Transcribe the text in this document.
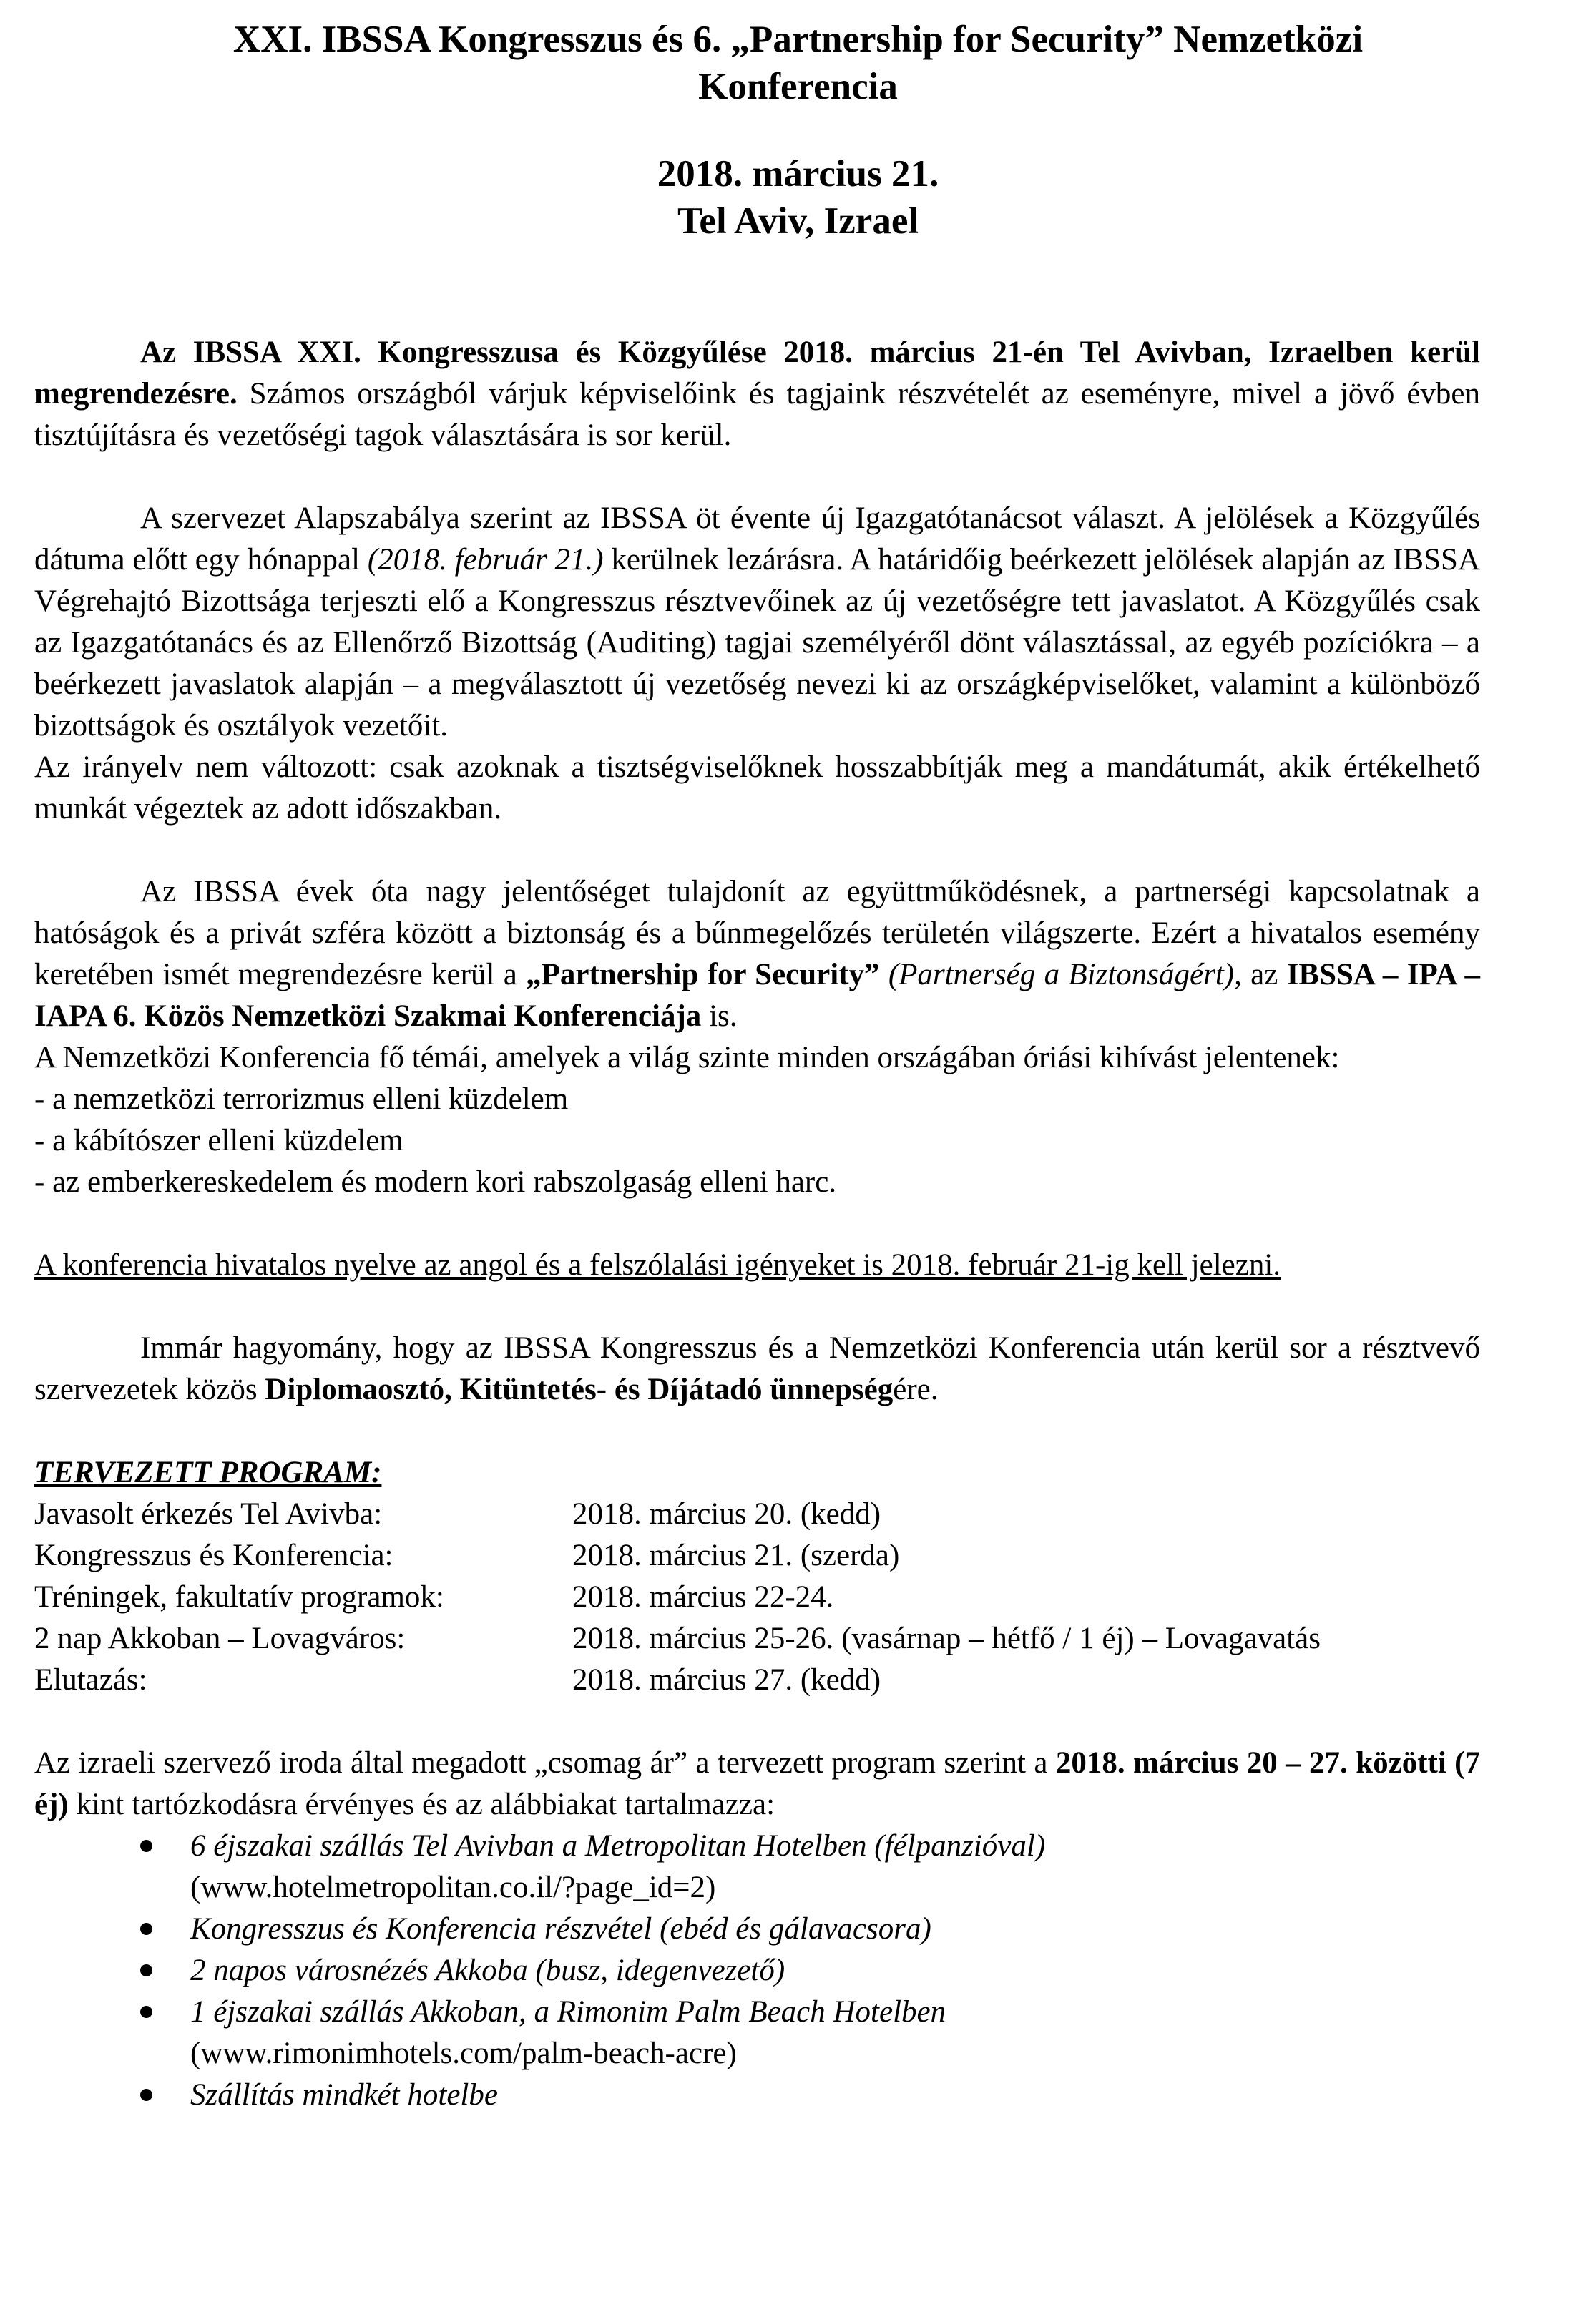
XXI. IBSSA Kongresszus és 6. „Partnership for Security” Nemzetközi
Konferencia
2018. március 21.
Tel Aviv, Izrael

Az IBSSA XXI. Kongresszusa és Közgyűlése 2018. március 21-én Tel Avivban, Izraelben kerül megrendezésre. Számos országból várjuk képviselőink és tagjaink részvételét az eseményre, mivel a jövő évben tisztújításra és vezetőségi tagok választására is sor kerül.

A szervezet Alapszabálya szerint az IBSSA öt évente új Igazgatótanácsot választ. A jelölések a Közgyűlés dátuma előtt egy hónappal (2018. február 21.) kerülnek lezárásra. A határidőig beérkezett jelölések alapján az IBSSA Végrehajtó Bizottsága terjeszti elő a Kongresszus résztvevőinek az új vezetőségre tett javaslatot. A Közgyűlés csak az Igazgatótanács és az Ellenőrző Bizottság (Auditing) tagjai személyéről dönt választással, az egyéb pozíciókra – a beérkezett javaslatok alapján – a megválasztott új vezetőség nevezi ki az országképviselőket, valamint a különböző bizottságok és osztályok vezetőit.

Az irányelv nem változott: csak azoknak a tisztségviselőknek hosszabbítják meg a mandátumát, akik értékelhető munkát végeztek az adott időszakban.

Az IBSSA évek óta nagy jelentőséget tulajdonít az együttműködésnek, a partnerségi kapcsolatnak a hatóságok és a privát szféra között a biztonság és a bűnmegelőzés területén világszerte. Ezért a hivatalos esemény keretében ismét megrendezésre kerül a „Partnership for Security” (Partnerség a Biztonságért), az IBSSA – IPA – IAPA 6. Közös Nemzetközi Szakmai Konferenciája is.

A Nemzetközi Konferencia fő témái, amelyek a világ szinte minden országában óriási kihívást jelentenek:

- a nemzetközi terrorizmus elleni küzdelem
- a kábítószer elleni küzdelem
- az emberkereskedelem és modern kori rabszolgaság elleni harc.

A konferencia hivatalos nyelve az angol és a felszólalási igényeket is 2018. február 21-ig kell jelezni.

Immár hagyomány, hogy az IBSSA Kongresszus és a Nemzetközi Konferencia után kerül sor a résztvevő szervezetek közös Diplomaosztó, Kitüntetés- és Díjátadó ünnepségére.

TERVEZETT PROGRAM:
Javasolt érkezés Tel Avivba:	2018. március 20. (kedd)
Kongresszus és Konferencia:	2018. március 21. (szerda)
Tréningek, fakultatív programok:	2018. március 22-24.
2 nap Akkoban – Lovagváros:	2018. március 25-26. (vasárnap – hétfő / 1 éj) – Lovagavatás
Elutazás:	2018. március 27. (kedd)

Az izraeli szervező iroda által megadott „csomag ár” a tervezett program szerint a 2018. március 20 – 27. közötti (7 éj) kint tartózkodásra érvényes és az alábbiakat tartalmazza:

6 éjszakai szállás Tel Avivban a Metropolitan Hotelben (félpanzióval)
(www.hotelmetropolitan.co.il/?page_id=2)
Kongresszus és Konferencia részvétel (ebéd és gálavacsora)
2 napos városnézés Akkoba (busz, idegenvezető)
1 éjszakai szállás Akkoban, a Rimonim Palm Beach Hotelben
(www.rimonimhotels.com/palm-beach-acre)
Szállítás mindkét hotelbe
